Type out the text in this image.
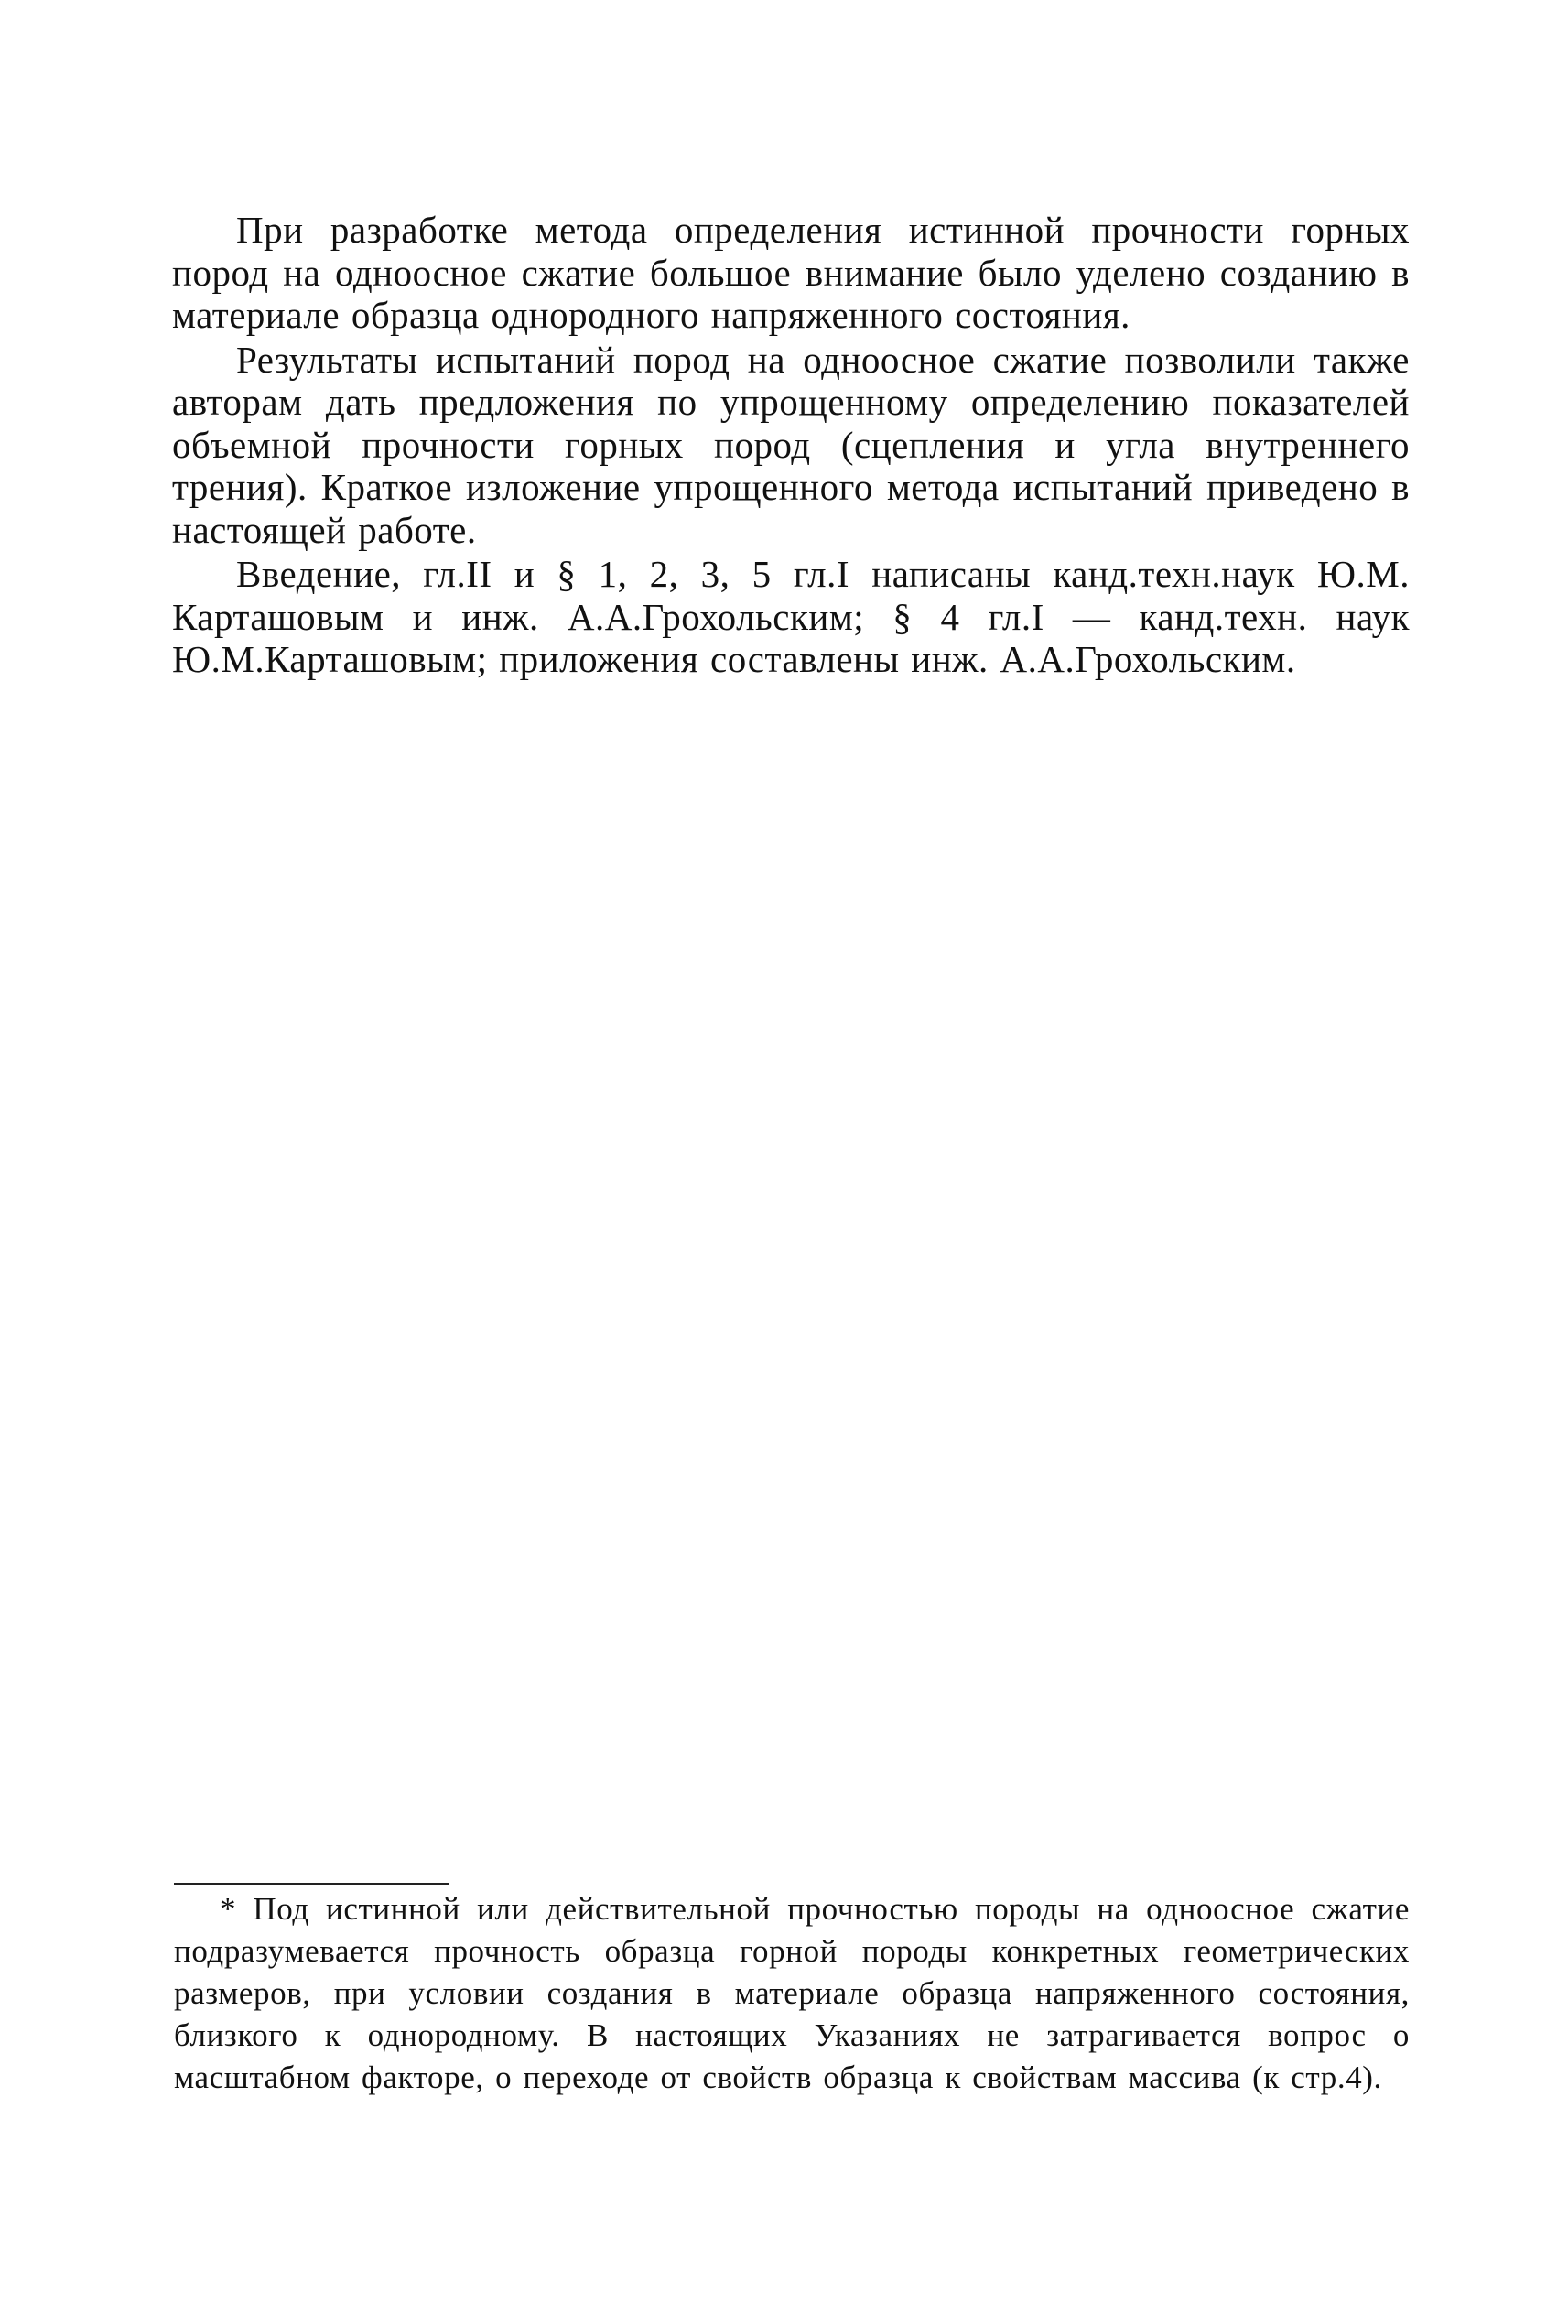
При разработке метода определения истинной прочности горных пород на одноосное сжатие большое внимание было уделено созданию в материале образца однородного напряженного состояния.

Результаты испытаний пород на одноосное сжатие позволили также авторам дать предложения по упрощенному определению показателей объемной прочности горных пород (сцепления и угла внутреннего трения). Краткое изложение упрощенного метода испытаний приведено в настоящей работе.

Введение, гл.II и § 1, 2, 3, 5 гл.I написаны канд.техн.наук Ю.М. Карташовым и инж. А.А.Грохольским; § 4 гл.I — канд.техн. наук Ю.М.Карташовым; приложения составлены инж. А.А.Грохольским.

* Под истинной или действительной прочностью породы на одноосное сжатие подразумевается прочность образца горной породы конкретных геометрических размеров, при условии создания в материале образца напряженного состояния, близкого к однородному. В настоящих Указаниях не затрагивается вопрос о масштабном факторе, о переходе от свойств образца к свойствам массива (к стр.4).
